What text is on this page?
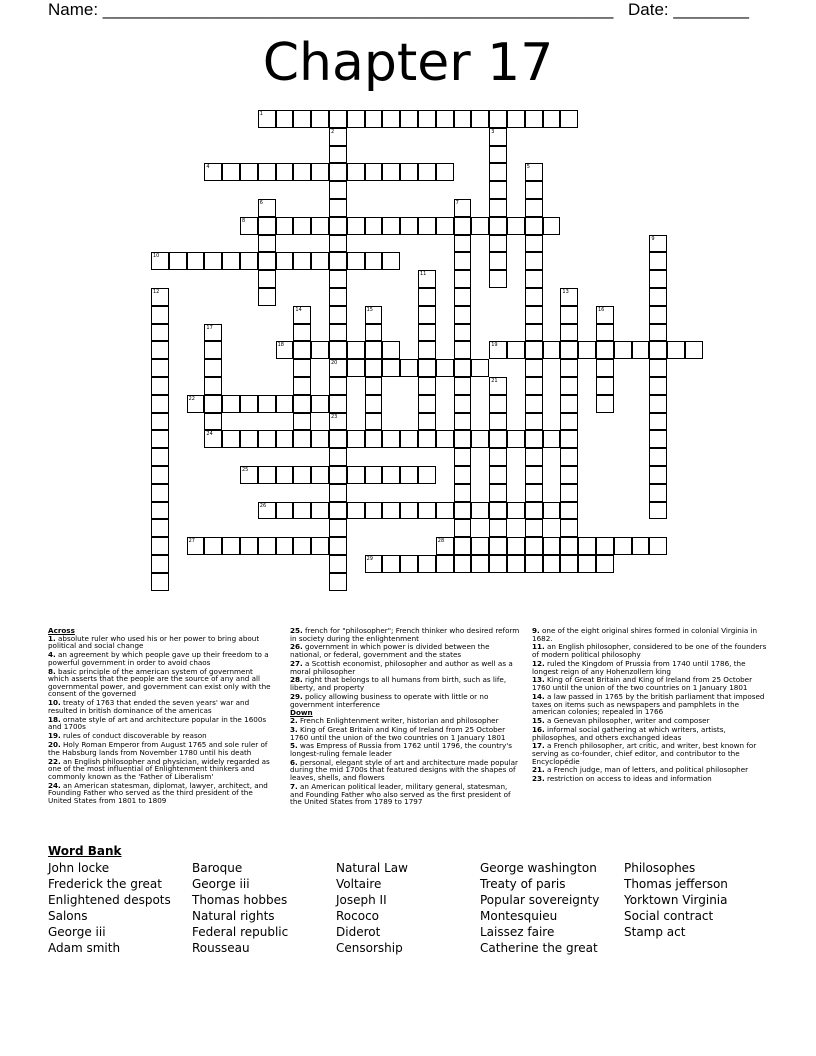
Name: ______________________________________________________ Date: ________
Chapter 17
1
4
8
10
18	19
20
22
24
25
26
27	28
29
2
23
3
5
6	7
9
11
12	13
14	15	16
17
21
Across
1. absolute ruler who used his or her power to bring about political and social change
4. an agreement by which people gave up their freedom to a powerful government in order to avoid chaos
8. basic principle of the american system of government which asserts that the people are the source of any and all governmental power, and government can exist only with the consent of the governed
10. treaty of 1763 that ended the seven years' war and resulted in british dominance of the americas
18. ornate style of art and architecture popular in the 1600s and 1700s
19. rules of conduct discoverable by reason
20. Holy Roman Emperor from August 1765 and sole ruler of the Habsburg lands from November 1780 until his death
22. an English philosopher and physician, widely regarded as one of the most influential of Enlightenment thinkers and commonly known as the 'Father of Liberalism'
24. an American statesman, diplomat, lawyer, architect, and Founding Father who served as the third president of the United States from 1801 to 1809
25. french for "philosopher"; French thinker who desired reform in society during the enlightenment
26. government in which power is divided between the national, or federal, government and the states
27. a Scottish economist, philosopher and author as well as a moral philosopher
28. right that belongs to all humans from birth, such as life, liberty, and property
29. policy allowing business to operate with little or no government interference
Down
2. French Enlightenment writer, historian and philosopher
3. King of Great Britain and King of Ireland from 25 October 1760 until the union of the two countries on 1 January 1801
5. was Empress of Russia from 1762 until 1796, the country's longest-ruling female leader
6. personal, elegant style of art and architecture made popular during the mid 1700s that featured designs with the shapes of leaves, shells, and flowers
7. an American political leader, military general, statesman, and Founding Father who also served as the first president of the United States from 1789 to 1797
9. one of the eight original shires formed in colonial Virginia in 1682.
11. an English philosopher, considered to be one of the founders of modern political philosophy
12. ruled the Kingdom of Prussia from 1740 until 1786, the longest reign of any Hohenzollern king
13. King of Great Britain and King of Ireland from 25 October 1760 until the union of the two countries on 1 January 1801
14. a law passed in 1765 by the british parliament that imposed taxes on items such as newspapers and pamphlets in the american colonies; repealed in 1766
15. a Genevan philosopher, writer and composer
16. informal social gathering at which writers, artists, philosophes, and others exchanged ideas
17. a French philosopher, art critic, and writer, best known for serving as co-founder, chief editor, and contributor to the Encyclopédie
21. a French judge, man of letters, and political philosopher
23. restriction on access to ideas and information
Word Bank
John locke
Frederick the great
Enlightened despots
Salons
George iii
Adam smith
Baroque
George iii
Thomas hobbes
Natural rights
Federal republic
Rousseau
Natural Law
Voltaire
Joseph II
Rococo
Diderot
Censorship
George washington
Treaty of paris
Popular sovereignty
Montesquieu
Laissez faire
Catherine the great
Philosophes
Thomas jefferson
Yorktown Virginia
Social contract
Stamp act
